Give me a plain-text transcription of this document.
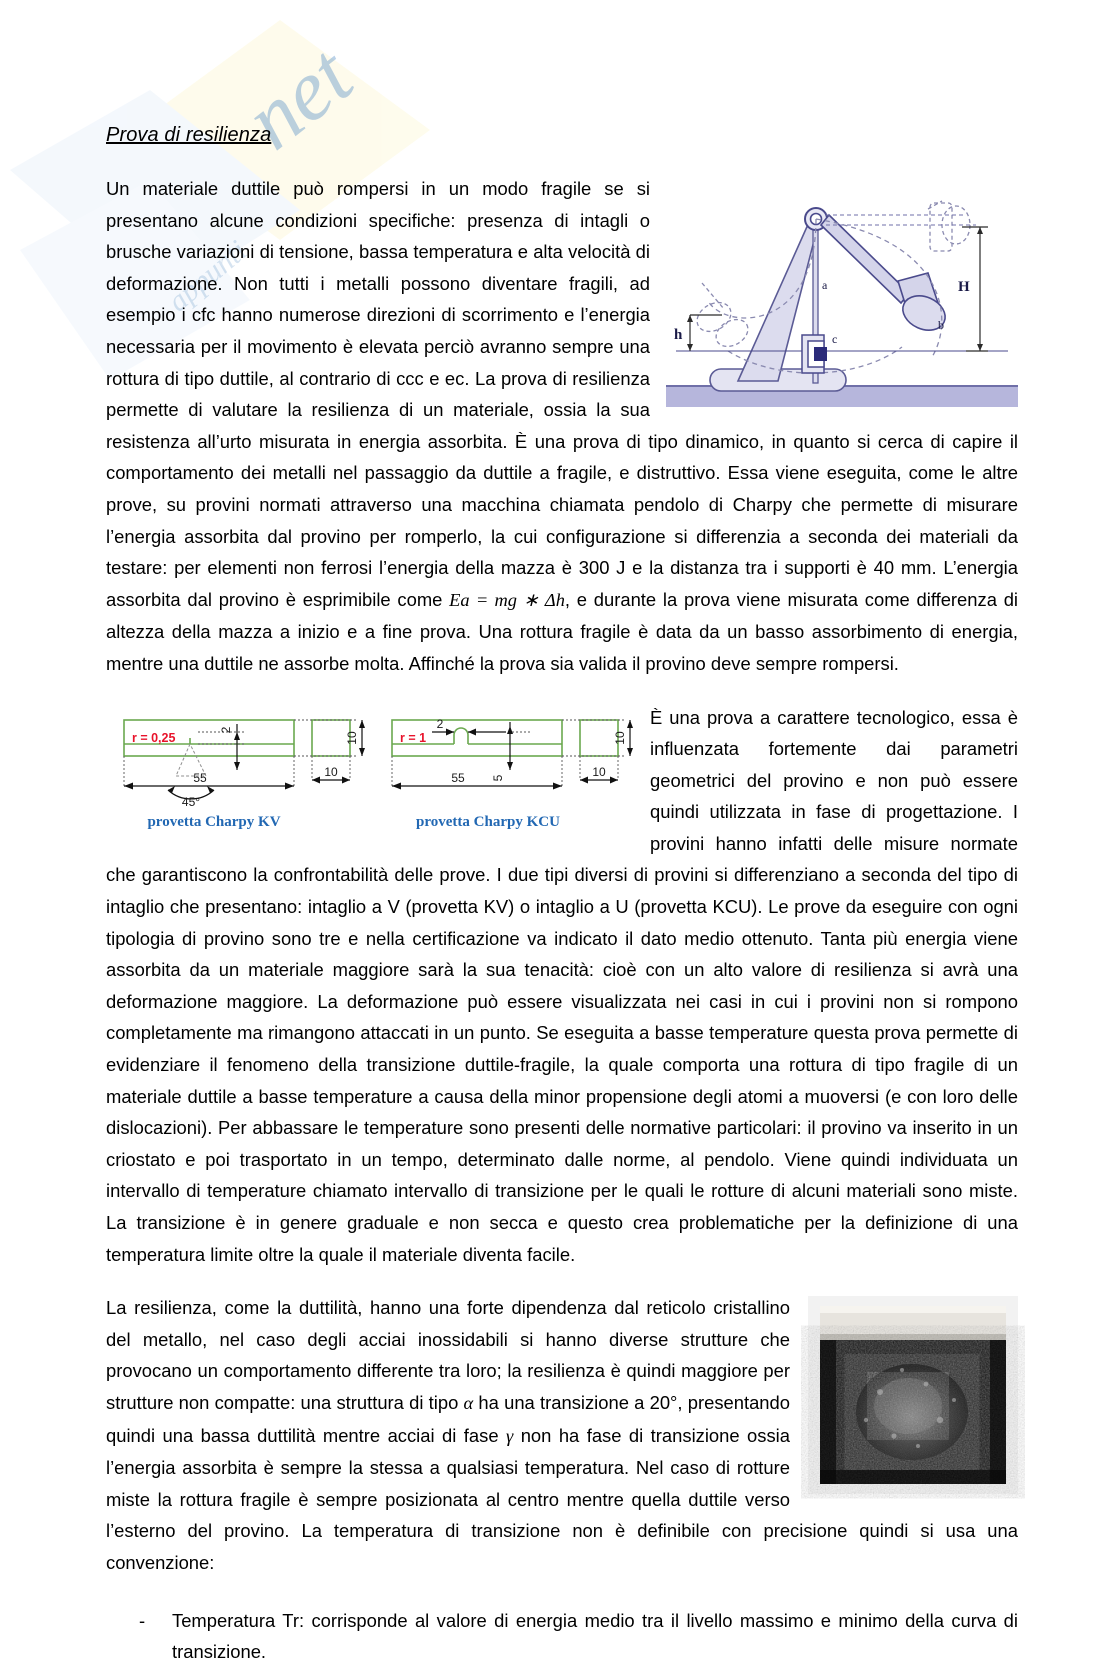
net
appunti
Prova di resilienza
H
h
a
b
c

Un materiale duttile può rompersi in un modo fragile se si presentano alcune condizioni specifiche: presenza di intagli o brusche variazioni di tensione, bassa temperatura e alta velocità di deformazione. Non tutti i metalli possono diventare fragili, ad esempio i cfc hanno numerose direzioni di scorrimento e l’energia necessaria per il movimento è elevata perciò avranno sempre una rottura di tipo duttile, al contrario di ccc e ec. La prova di resilienza permette di valutare la resilienza di un materiale, ossia la sua resistenza all’urto misurata in energia assorbita. È una prova di tipo dinamico, in quanto si cerca di capire il comportamento dei metalli nel passaggio da duttile a fragile, e distruttivo. Essa viene eseguita, come le altre prove, su provini normati attraverso una macchina chiamata pendolo di Charpy che permette di misurare l’energia assorbita dal provino per romperlo, la cui configurazione si differenzia a seconda dei materiali da testare: per elementi non ferrosi l’energia della mazza è 300 J e la distanza tra i supporti è 40 mm. L’energia assorbita dal provino è esprimibile come Ea = mg ∗ Δh, e durante la prova viene misurata come differenza di altezza della mazza a inizio e a fine prova. Una rottura fragile è data da un basso assorbimento di energia, mentre una duttile ne assorbe molta. Affinché la prova sia valida il provino deve sempre rompersi.

55
45°
2
10
10
r = 0,25
provetta Charpy KV
55
2
5	10
10
r = 1
provetta Charpy KCU

È una prova a carattere tecnologico, essa è influenzata fortemente dai parametri geometrici del provino e non può essere quindi utilizzata in fase di progettazione. I provini hanno infatti delle misure normate che garantiscono la confrontabilità delle prove. I due tipi diversi di provini si differenziano a seconda del tipo di intaglio che presentano: intaglio a V (provetta KV) o intaglio a U (provetta KCU). Le prove da eseguire con ogni tipologia di provino sono tre e nella certificazione va indicato il dato medio ottenuto. Tanta più energia viene assorbita da un materiale maggiore sarà la sua tenacità: cioè con un alto valore di resilienza si avrà una deformazione maggiore. La deformazione può essere visualizzata nei casi in cui i provini non si rompono completamente ma rimangono attaccati in un punto. Se eseguita a basse temperature questa prova permette di evidenziare il fenomeno della transizione duttile-fragile, la quale comporta una rottura di tipo fragile di un materiale duttile a basse temperature a causa della minor propensione degli atomi a muoversi (e con loro delle dislocazioni). Per abbassare le temperature sono presenti delle normative particolari: il provino va inserito in un criostato e poi trasportato in un tempo, determinato dalle norme, al pendolo. Viene quindi individuata un intervallo di temperature chiamato intervallo di transizione per le quali le rotture di alcuni materiali sono miste. La transizione è in genere graduale e non secca e questo crea problematiche per la definizione di una temperatura limite oltre la quale il materiale diventa facile.

La resilienza, come la duttilità, hanno una forte dipendenza dal reticolo cristallino del metallo, nel caso degli acciai inossidabili si hanno diverse strutture che provocano un comportamento differente tra loro; la resilienza è quindi maggiore per strutture non compatte: una struttura di tipo α ha una transizione a 20°, presentando quindi una bassa duttilità mentre acciai di fase γ non ha fase di transizione ossia l’energia assorbita è sempre la stessa a qualsiasi temperatura. Nel caso di rotture miste la rottura fragile è sempre posizionata al centro mentre quella duttile verso l’esterno del provino. La temperatura di transizione non è definibile con precisione quindi si usa una convenzione:

- Temperatura Tr: corrisponde al valore di energia medio tra il livello massimo e minimo della curva di transizione.
